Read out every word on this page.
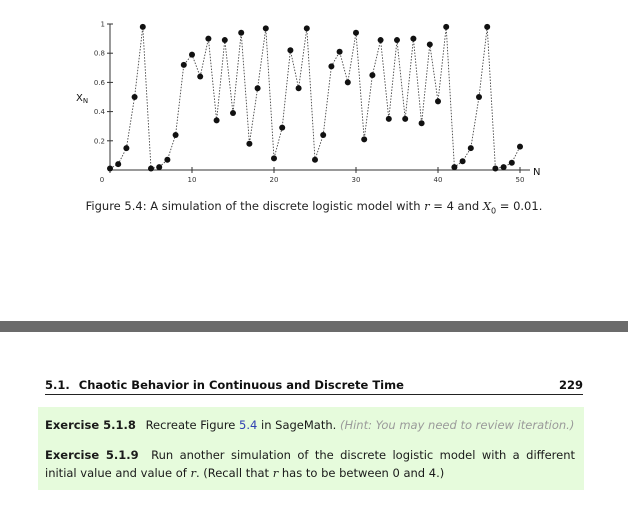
0.2
0.4
0.6
0.8
1
0	10	20	30	40	50
$X_N$
N
Figure 5.4: A simulation of the discrete logistic model with r = 4 and $X_0 = 0.01$.
5.1. Chaotic Behavior in Continuous and Discrete Time	229
Exercise 5.1.8 Recreate Figure 5.4 in SageMath. (Hint: You may need to review iteration.)
Exercise 5.1.9 Run another simulation of the discrete logistic model with a different initial value and value of r. (Recall that r has to be between 0 and 4.)
